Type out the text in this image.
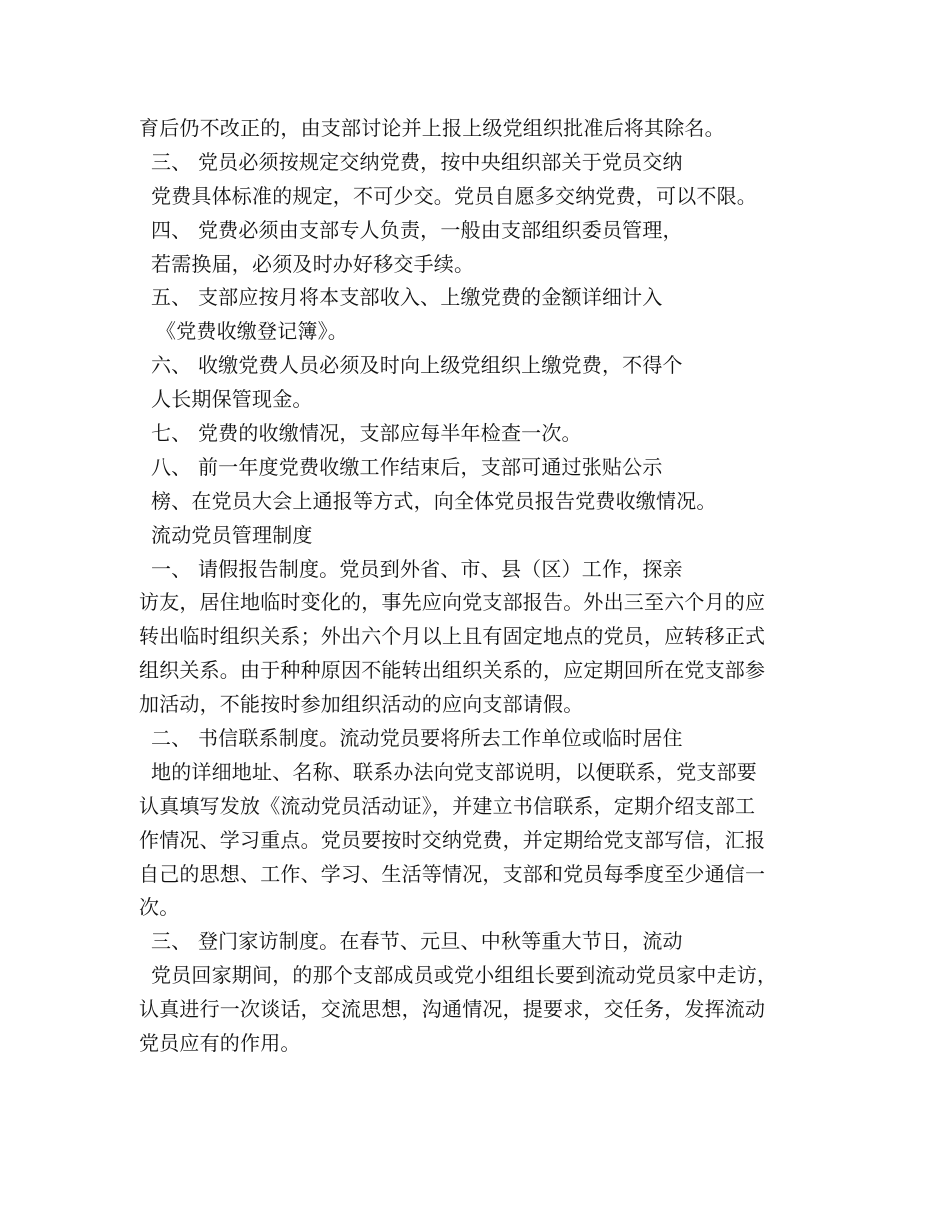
育后仍不改正的，由支部讨论并上报上级党组织批准后将其除名。
三、 党员必须按规定交纳党费，按中央组织部关于党员交纳
党费具体标准的规定，不可少交。党员自愿多交纳党费，可以不限。
四、 党费必须由支部专人负责，一般由支部组织委员管理，
若需换届，必须及时办好移交手续。
五、 支部应按月将本支部收入、上缴党费的金额详细计入
《党费收缴登记簿》。
六、 收缴党费人员必须及时向上级党组织上缴党费，不得个
人长期保管现金。
七、 党费的收缴情况，支部应每半年检查一次。
八、 前一年度党费收缴工作结束后，支部可通过张贴公示
榜、在党员大会上通报等方式，向全体党员报告党费收缴情况。
流动党员管理制度
一、 请假报告制度。党员到外省、市、县（区）工作，探亲
访友，居住地临时变化的，事先应向党支部报告。外出三至六个月的应
转出临时组织关系；外出六个月以上且有固定地点的党员，应转移正式
组织关系。由于种种原因不能转出组织关系的，应定期回所在党支部参
加活动，不能按时参加组织活动的应向支部请假。
二、 书信联系制度。流动党员要将所去工作单位或临时居住
地的详细地址、名称、联系办法向党支部说明，以便联系，党支部要
认真填写发放《流动党员活动证》，并建立书信联系，定期介绍支部工
作情况、学习重点。党员要按时交纳党费，并定期给党支部写信，汇报
自己的思想、工作、学习、生活等情况，支部和党员每季度至少通信一
次。
三、 登门家访制度。在春节、元旦、中秋等重大节日，流动
党员回家期间，的那个支部成员或党小组组长要到流动党员家中走访，
认真进行一次谈话，交流思想，沟通情况，提要求，交任务，发挥流动
党员应有的作用。
